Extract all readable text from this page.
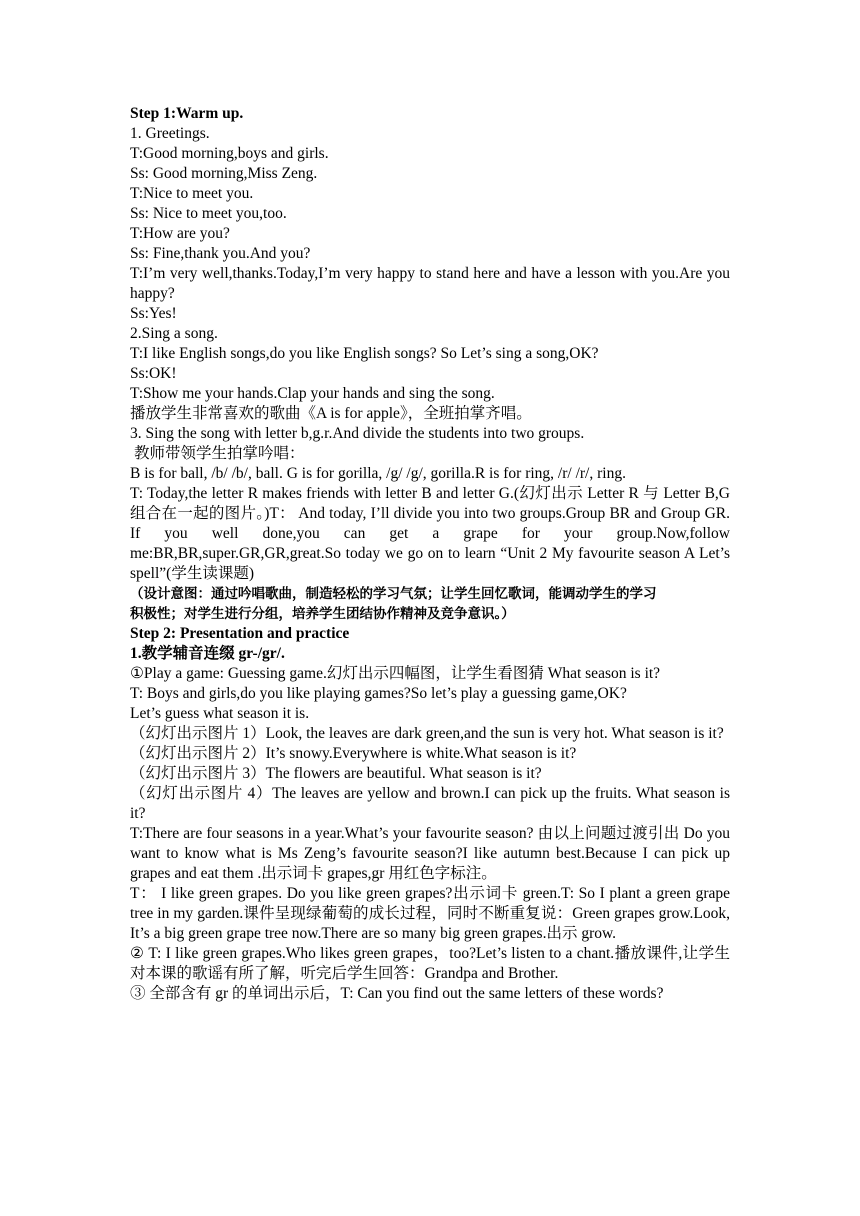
Step 1:Warm up.

1. Greetings.

T:Good morning,boys and girls.

Ss: Good morning,Miss Zeng.

T:Nice to meet you.

Ss: Nice to meet you,too.

T:How are you?

Ss: Fine,thank you.And you?

T:I’m very well,thanks.Today,I’m very happy to stand here and have a lesson with you.Are you happy?

Ss:Yes!

2.Sing a song.

T:I like English songs,do you like English songs? So Let’s sing a song,OK?

Ss:OK!

T:Show me your hands.Clap your hands and sing the song.

播放学生非常喜欢的歌曲《A is for apple》，全班拍掌齐唱。

3. Sing the song with letter b,g.r.And divide the students into two groups.

教师带领学生拍掌吟唱：

B is for ball, /b/ /b/, ball. G is for gorilla, /g/ /g/, gorilla.R is for ring, /r/ /r/, ring.

T: Today,the letter R makes friends with letter B and letter G.(幻灯出示 Letter R 与 Letter B,G 组合在一起的图片。)T： And today, I’ll divide you into two groups.Group BR and Group GR. If you well done,you can get a grape for your group.Now,follow me:BR,BR,super.GR,GR,great.So today we go on to learn “Unit 2 My favourite season A Let’s spell”(学生读课题)

（设计意图：通过吟唱歌曲，制造轻松的学习气氛；让学生回忆歌词，能调动学生的学习

积极性；对学生进行分组，培养学生团结协作精神及竞争意识。）

Step 2: Presentation and practice

1.教学辅音连缀 gr-/gr/.

①Play a game: Guessing game.幻灯出示四幅图，让学生看图猜 What season is it?

T: Boys and girls,do you like playing games?So let’s play a guessing game,OK?

Let’s guess what season it is.

（幻灯出示图片 1）Look, the leaves are dark green,and the sun is very hot. What season is it?

（幻灯出示图片 2）It’s snowy.Everywhere is white.What season is it?

（幻灯出示图片 3）The flowers are beautiful. What season is it?

（幻灯出示图片 4）The leaves are yellow and brown.I can pick up the fruits. What season is it?

T:There are four seasons in a year.What’s your favourite season? 由以上问题过渡引出 Do you want to know what is Ms Zeng’s favourite season?I like autumn best.Because I can pick up grapes and eat them .出示词卡 grapes,gr 用红色字标注。

T： I like green grapes. Do you like green grapes?出示词卡 green.T: So I plant a green grape tree in my garden.课件呈现绿葡萄的成长过程，同时不断重复说：Green grapes grow.Look, It’s a big green grape tree now.There are so many big green grapes.出示 grow.

② T: I like green grapes.Who likes green grapes，too?Let’s listen to a chant.播放课件,让学生对本课的歌谣有所了解，听完后学生回答：Grandpa and Brother.

③ 全部含有 gr 的单词出示后，T: Can you find out the same letters of these words?
